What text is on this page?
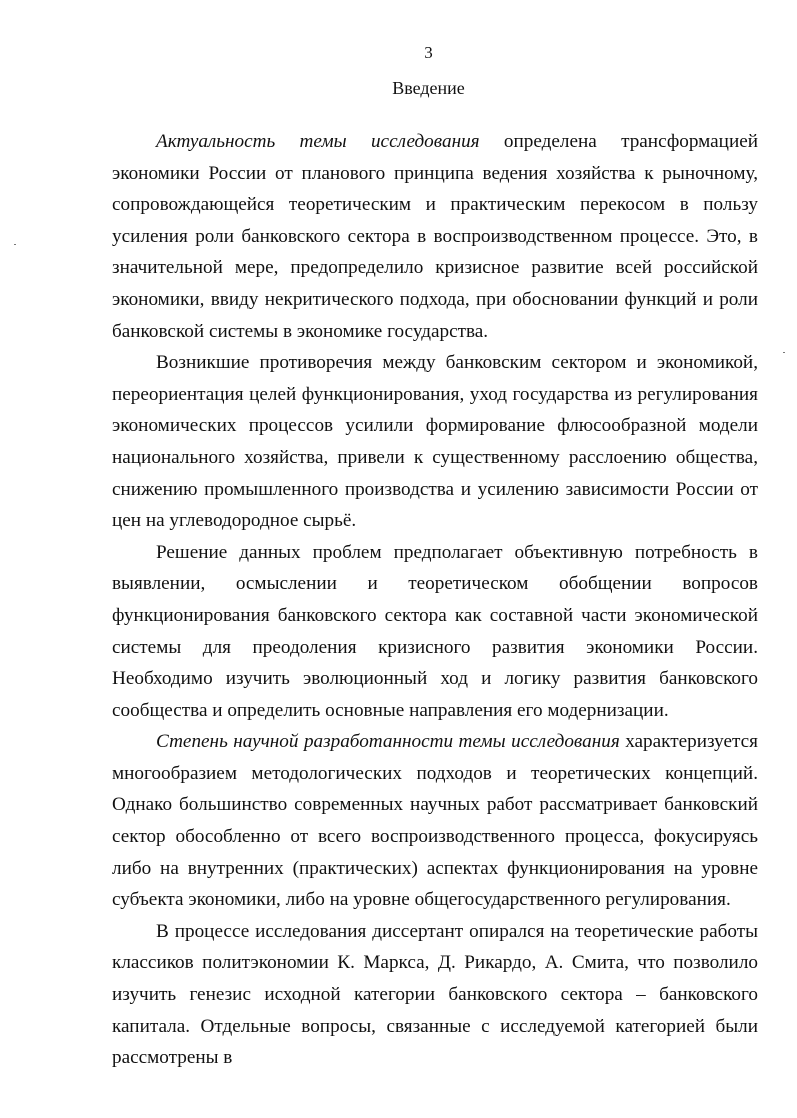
3
Введение

Актуальность темы исследования определена трансформацией экономики России от планового принципа ведения хозяйства к рыночному, сопровождающейся теоретическим и практическим перекосом в пользу усиления роли банковского сектора в воспроизводственном процессе. Это, в значительной мере, предопределило кризисное развитие всей российской экономики, ввиду некритического подхода, при обосновании функций и роли банковской системы в экономике государства.

Возникшие противоречия между банковским сектором и экономикой, переориентация целей функционирования, уход государства из регулирования экономических процессов усилили формирование флюсообразной модели национального хозяйства, привели к существенному расслоению общества, снижению промышленного производства и усилению зависимости России от цен на углеводородное сырьё.

Решение данных проблем предполагает объективную потребность в выявлении, осмыслении и теоретическом обобщении вопросов функционирования банковского сектора как составной части экономической системы для преодоления кризисного развития экономики России. Необходимо изучить эволюционный ход и логику развития банковского сообщества и определить основные направления его модернизации.

Степень научной разработанности темы исследования характеризуется многообразием методологических подходов и теоретических концепций. Однако большинство современных научных работ рассматривает банковский сектор обособленно от всего воспроизводственного процесса, фокусируясь либо на внутренних (практических) аспектах функционирования на уровне субъекта экономики, либо на уровне общегосударственного регулирования.

В процессе исследования диссертант опирался на теоретические работы классиков политэкономии К. Маркса, Д. Рикардо, А. Смита, что позволило изучить генезис исходной категории банковского сектора – банковского капитала. Отдельные вопросы, связанные с исследуемой категорией были рассмотрены в
